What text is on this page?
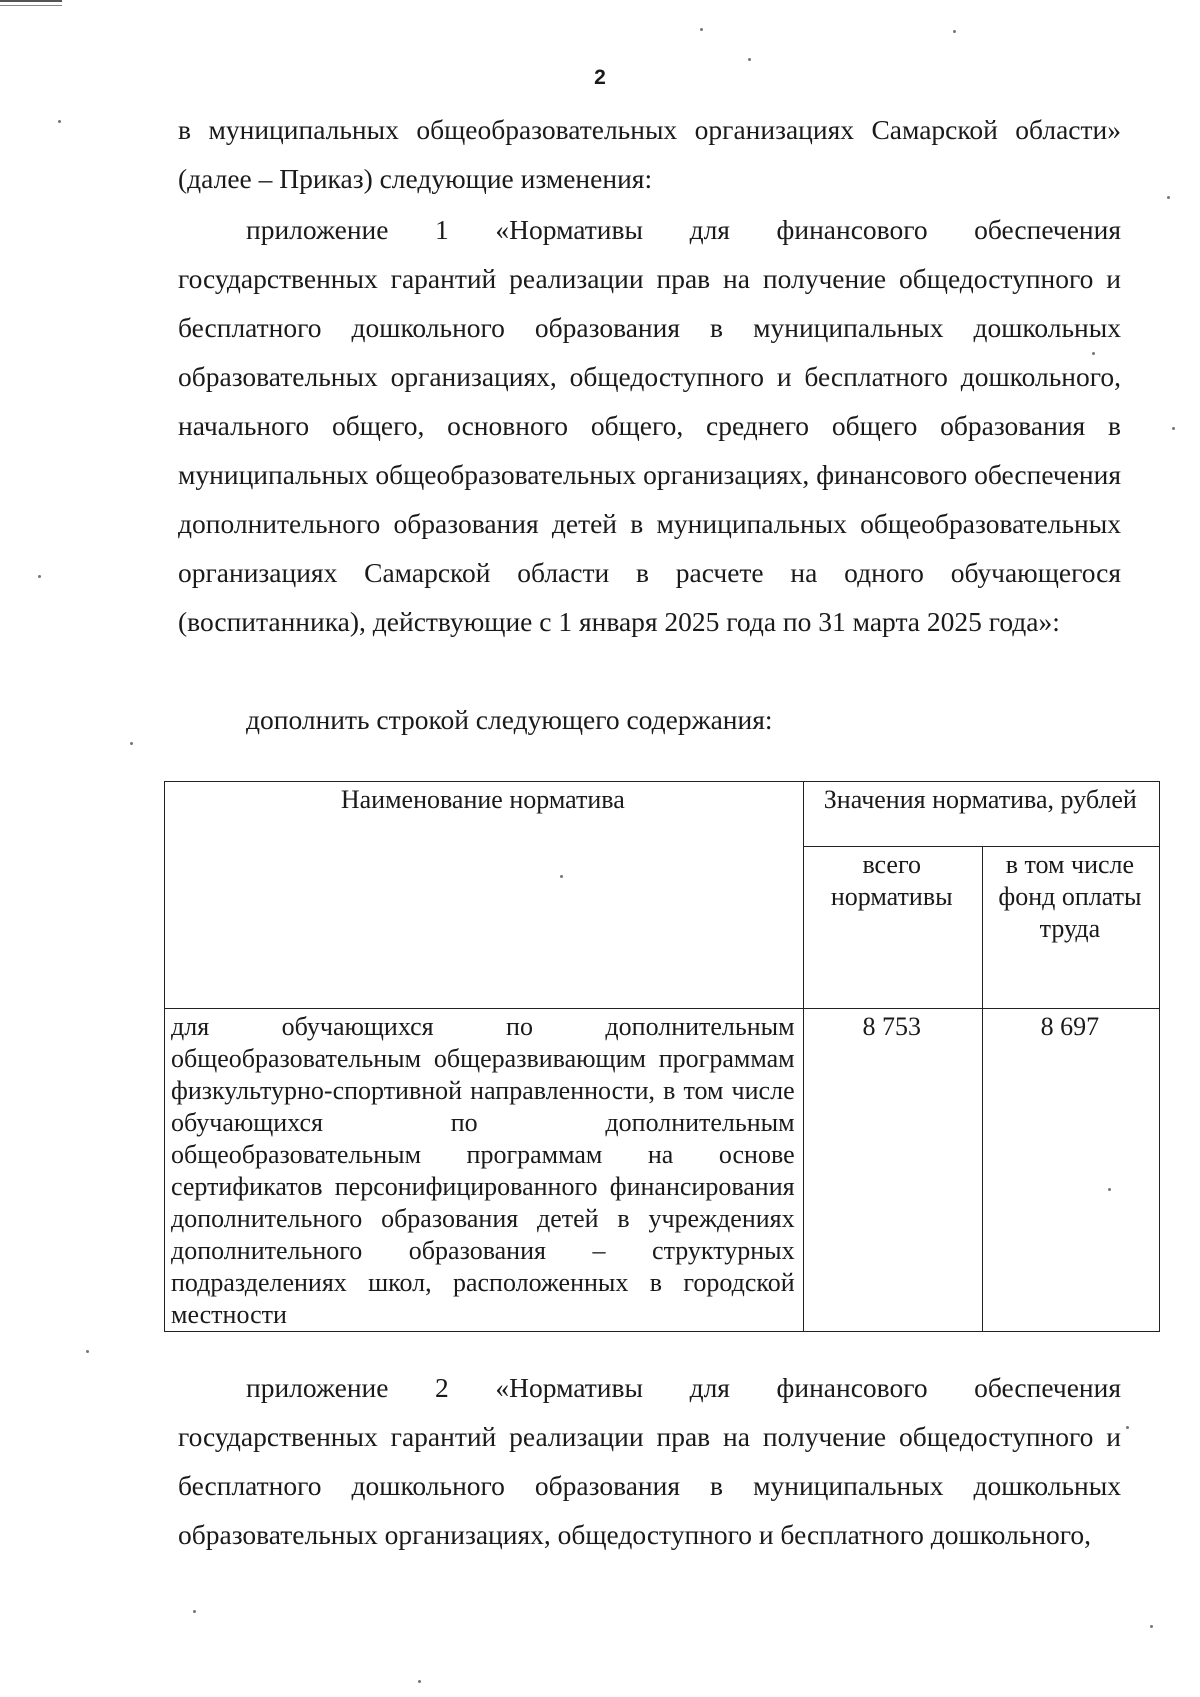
2

в муниципальных общеобразовательных организациях Самарской области»

(далее – Приказ) следующие изменения:

приложение 1 «Нормативы для финансового обеспечения государственных гарантий реализации прав на получение общедоступного и бесплатного дошкольного образования в муниципальных дошкольных образовательных организациях, общедоступного и бесплатного дошкольного, начального общего, основного общего, среднего общего образования в муниципальных общеобразовательных организациях, финансового обеспечения дополнительного образования детей в муниципальных общеобразовательных организациях Самарской области в расчете на одного обучающегося (воспитанника), действующие с 1 января 2025 года по 31 марта 2025 года»:

дополнить строкой следующего содержания:
Наименование норматива	Значения норматива, рублей	
	всего нормативы	в том числе фонд оплаты труда
для обучающихся по дополнительным общеобразовательным общеразвивающим программам физкультурно-спортивной направленности, в том числе обучающихся по дополнительным общеобразовательным программам на основе сертификатов персонифицированного финансирования дополнительного образования детей в учреждениях дополнительного образования – структурных подразделениях школ, расположенных в городской местности	8 753	8 697

приложение 2 «Нормативы для финансового обеспечения государственных гарантий реализации прав на получение общедоступного и бесплатного дошкольного образования в муниципальных дошкольных образовательных организациях, общедоступного и бесплатного дошкольного,
